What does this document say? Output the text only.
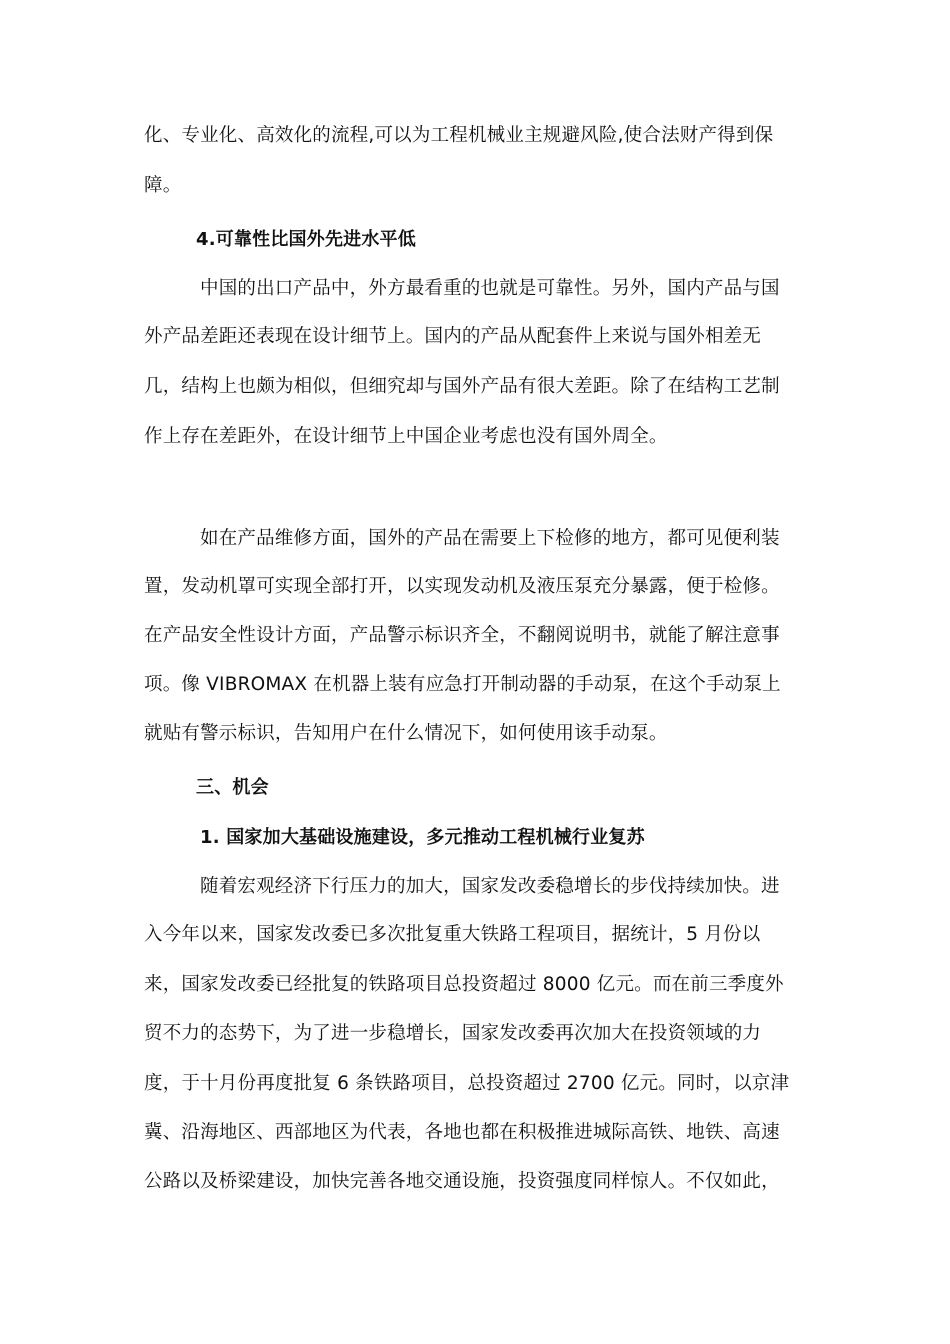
化、专业化、高效化的流程,可以为工程机械业主规避风险,使合法财产得到保
障。
4.可靠性比国外先进水平低
中国的出口产品中，外方最看重的也就是可靠性。另外，国内产品与国
外产品差距还表现在设计细节上。国内的产品从配套件上来说与国外相差无
几，结构上也颇为相似，但细究却与国外产品有很大差距。除了在结构工艺制
作上存在差距外，在设计细节上中国企业考虑也没有国外周全。
如在产品维修方面，国外的产品在需要上下检修的地方，都可见便利装
置，发动机罩可实现全部打开，以实现发动机及液压泵充分暴露，便于检修。
在产品安全性设计方面，产品警示标识齐全，不翻阅说明书，就能了解注意事
项。像 VIBROMAX 在机器上装有应急打开制动器的手动泵，在这个手动泵上
就贴有警示标识，告知用户在什么情况下，如何使用该手动泵。
三、机会
1. 国家加大基础设施建设，多元推动工程机械行业复苏
随着宏观经济下行压力的加大，国家发改委稳增长的步伐持续加快。进
入今年以来，国家发改委已多次批复重大铁路工程项目，据统计，5 月份以
来，国家发改委已经批复的铁路项目总投资超过 8000 亿元。而在前三季度外
贸不力的态势下，为了进一步稳增长，国家发改委再次加大在投资领域的力
度，于十月份再度批复 6 条铁路项目，总投资超过 2700 亿元。同时，以京津
冀、沿海地区、西部地区为代表，各地也都在积极推进城际高铁、地铁、高速
公路以及桥梁建设，加快完善各地交通设施，投资强度同样惊人。不仅如此，
